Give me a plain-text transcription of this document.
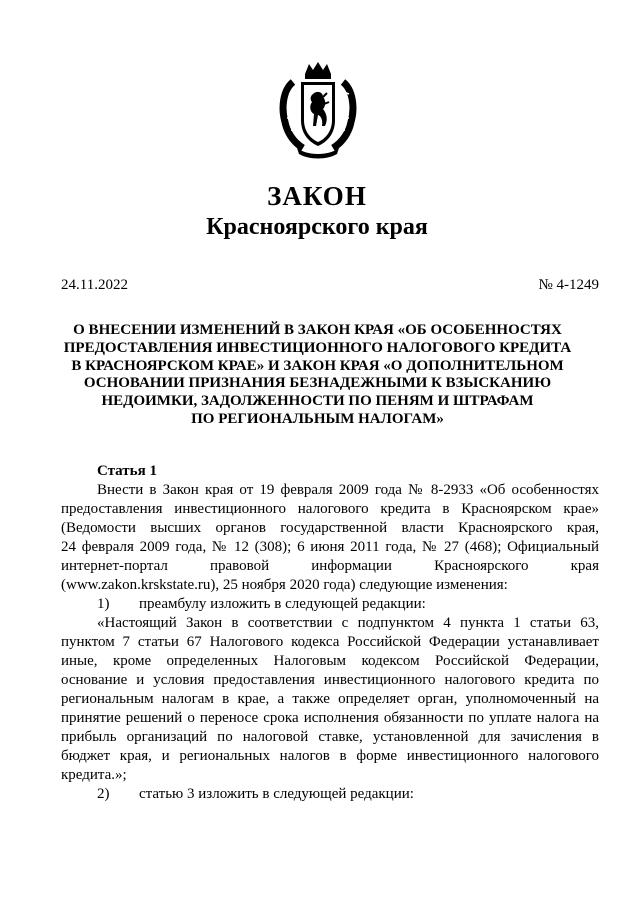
ЗАКОН
Красноярского края
24.11.2022	№ 4-1249
О ВНЕСЕНИИ ИЗМЕНЕНИЙ В ЗАКОН КРАЯ «ОБ ОСОБЕННОСТЯХ
ПРЕДОСТАВЛЕНИЯ ИНВЕСТИЦИОННОГО НАЛОГОВОГО КРЕДИТА
В КРАСНОЯРСКОМ КРАЕ» И ЗАКОН КРАЯ «О ДОПОЛНИТЕЛЬНОМ
ОСНОВАНИИ ПРИЗНАНИЯ БЕЗНАДЕЖНЫМИ К ВЗЫСКАНИЮ
НЕДОИМКИ, ЗАДОЛЖЕННОСТИ ПО ПЕНЯМ И ШТРАФАМ
ПО РЕГИОНАЛЬНЫМ НАЛОГАМ»
Статья 1
Внести в Закон края от 19 февраля 2009 года № 8-2933 «Об особенностях
предоставления инвестиционного налогового кредита в Красноярском крае»
(Ведомости высших органов государственной власти Красноярского края,
24 февраля 2009 года, № 12 (308); 6 июня 2011 года, № 27 (468); Официальный
интернет-портал правовой информации Красноярского края
(www.zakon.krskstate.ru), 25 ноября 2020 года) следующие изменения:
1)	преамбулу изложить в следующей редакции:
«Настоящий Закон в соответствии с подпунктом 4 пункта 1 статьи 63,
пунктом 7 статьи 67 Налогового кодекса Российской Федерации устанавливает
иные, кроме определенных Налоговым кодексом Российской Федерации,
основание и условия предоставления инвестиционного налогового кредита по
региональным налогам в крае, а также определяет орган, уполномоченный на
принятие решений о переносе срока исполнения обязанности по уплате налога на
прибыль организаций по налоговой ставке, установленной для зачисления в
бюджет края, и региональных налогов в форме инвестиционного налогового
кредита.»;
2)	статью 3 изложить в следующей редакции:
